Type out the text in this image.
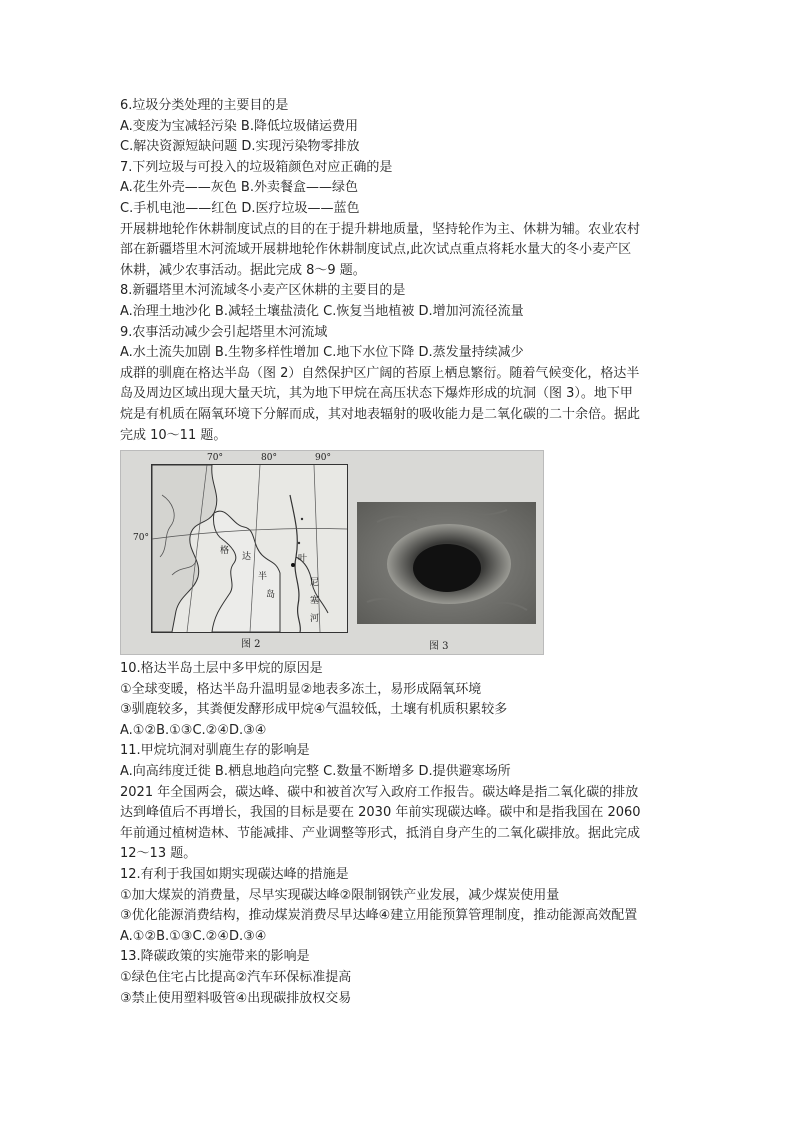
6.垃圾分类处理的主要目的是
A.变废为宝减轻污染 B.降低垃圾储运费用
C.解决资源短缺问题 D.实现污染物零排放
7.下列垃圾与可投入的垃圾箱颜色对应正确的是
A.花生外壳——灰色 B.外卖餐盒——绿色
C.手机电池——红色 D.医疗垃圾——蓝色
开展耕地轮作休耕制度试点的目的在于提升耕地质量，坚持轮作为主、休耕为辅。农业农村
部在新疆塔里木河流域开展耕地轮作休耕制度试点,此次试点重点将耗水量大的冬小麦产区
休耕，减少农事活动。据此完成 8～9 题。
8.新疆塔里木河流域冬小麦产区休耕的主要目的是
A.治理土地沙化 B.减轻土壤盐渍化 C.恢复当地植被 D.增加河流径流量
9.农事活动减少会引起塔里木河流域
A.水土流失加剧 B.生物多样性增加 C.地下水位下降 D.蒸发量持续减少
成群的驯鹿在格达半岛（图 2）自然保护区广阔的苔原上栖息繁衍。随着气候变化，格达半
岛及周边区域出现大量天坑，其为地下甲烷在高压状态下爆炸形成的坑洞（图 3）。地下甲
烷是有机质在隔氧环境下分解而成，其对地表辐射的吸收能力是二氧化碳的二十余倍。据此
完成 10～11 题。
70°	80°	90°
70°
格
达
半
岛
叶
尼
塞
河
图 2	图 3
10.格达半岛土层中多甲烷的原因是
①全球变暖，格达半岛升温明显②地表多冻土，易形成隔氧环境
③驯鹿较多，其粪便发酵形成甲烷④气温较低，土壤有机质积累较多
A.①②B.①③C.②④D.③④
11.甲烷坑洞对驯鹿生存的影响是
A.向高纬度迁徙 B.栖息地趋向完整 C.数量不断增多 D.提供避寒场所
2021 年全国两会，碳达峰、碳中和被首次写入政府工作报告。碳达峰是指二氧化碳的排放
达到峰值后不再增长，我国的目标是要在 2030 年前实现碳达峰。碳中和是指我国在 2060
年前通过植树造林、节能减排、产业调整等形式，抵消自身产生的二氧化碳排放。据此完成
12～13 题。
12.有利于我国如期实现碳达峰的措施是
①加大煤炭的消费量，尽早实现碳达峰②限制钢铁产业发展，减少煤炭使用量
③优化能源消费结构，推动煤炭消费尽早达峰④建立用能预算管理制度，推动能源高效配置
A.①②B.①③C.②④D.③④
13.降碳政策的实施带来的影响是
①绿色住宅占比提高②汽车环保标准提高
③禁止使用塑料吸管④出现碳排放权交易
